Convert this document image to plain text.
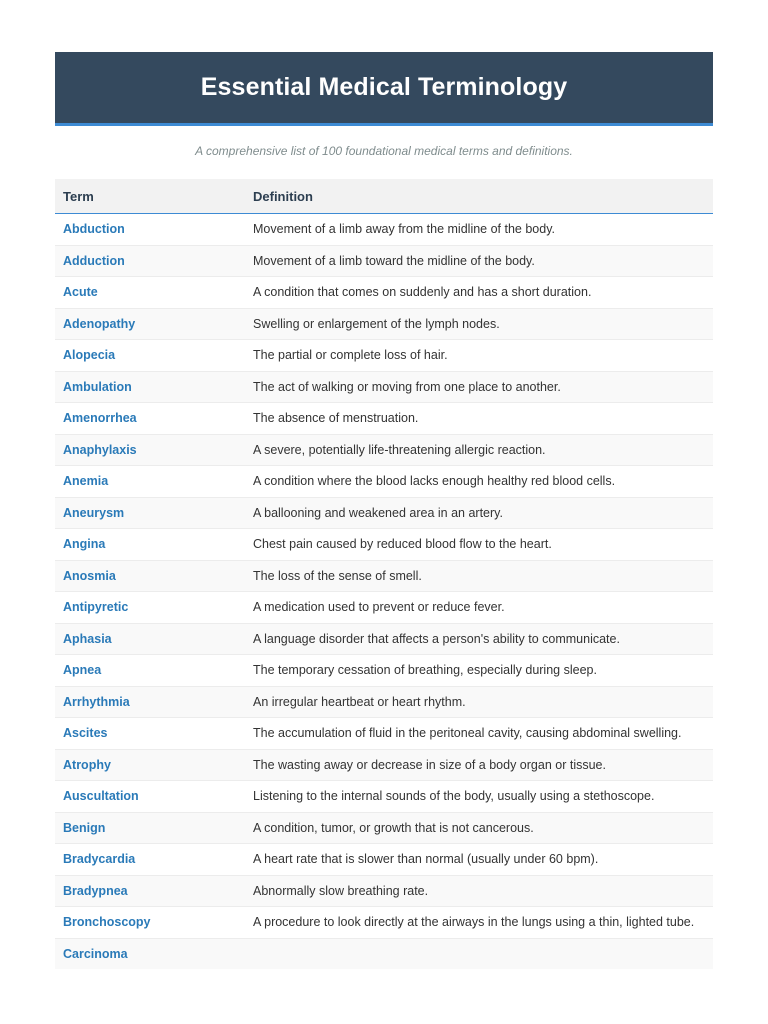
Essential Medical Terminology
A comprehensive list of 100 foundational medical terms and definitions.
Term	Definition
Abduction	Movement of a limb away from the midline of the body.
Adduction	Movement of a limb toward the midline of the body.
Acute	A condition that comes on suddenly and has a short duration.
Adenopathy	Swelling or enlargement of the lymph nodes.
Alopecia	The partial or complete loss of hair.
Ambulation	The act of walking or moving from one place to another.
Amenorrhea	The absence of menstruation.
Anaphylaxis	A severe, potentially life-threatening allergic reaction.
Anemia	A condition where the blood lacks enough healthy red blood cells.
Aneurysm	A ballooning and weakened area in an artery.
Angina	Chest pain caused by reduced blood flow to the heart.
Anosmia	The loss of the sense of smell.
Antipyretic	A medication used to prevent or reduce fever.
Aphasia	A language disorder that affects a person's ability to communicate.
Apnea	The temporary cessation of breathing, especially during sleep.
Arrhythmia	An irregular heartbeat or heart rhythm.
Ascites	The accumulation of fluid in the peritoneal cavity, causing abdominal swelling.
Atrophy	The wasting away or decrease in size of a body organ or tissue.
Auscultation	Listening to the internal sounds of the body, usually using a stethoscope.
Benign	A condition, tumor, or growth that is not cancerous.
Bradycardia	A heart rate that is slower than normal (usually under 60 bpm).
Bradypnea	Abnormally slow breathing rate.
Bronchoscopy	A procedure to look directly at the airways in the lungs using a thin, lighted tube.
Carcinoma	
